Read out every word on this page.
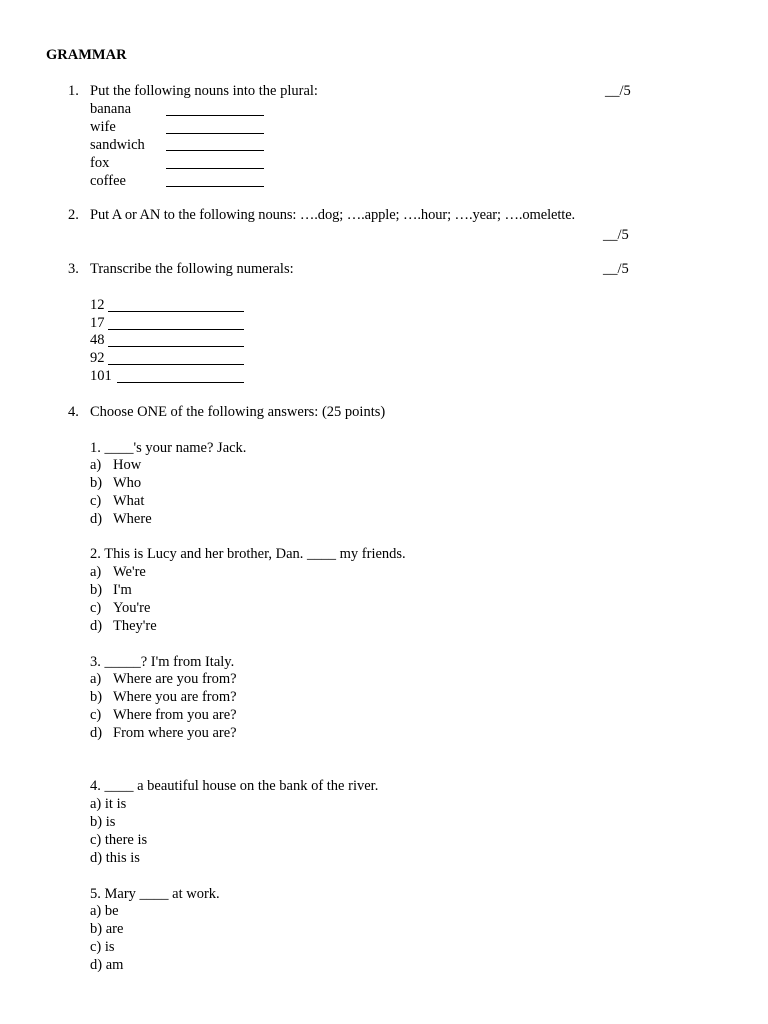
GRAMMAR
1. Put the following nouns into the plural:	__/5
banana
wife
sandwich
fox
coffee
2. Put A or AN to the following nouns: ….dog; ….apple; ….hour; ….year; ….omelette.
__/5
3. Transcribe the following numerals:	__/5
12
17
48
92
101
4. Choose ONE of the following answers: (25 points)
1. ____'s your name? Jack.
a) How
b) Who
c) What
d) Where
2. This is Lucy and her brother, Dan. ____ my friends.
a) We're
b) I'm
c) You're
d) They're
3. _____? I'm from Italy.
a) Where are you from?
b) Where you are from?
c) Where from you are?
d) From where you are?
4. ____ a beautiful house on the bank of the river.
a) it is
b) is
c) there is
d) this is
5. Mary ____ at work.
a) be
b) are
c) is
d) am
